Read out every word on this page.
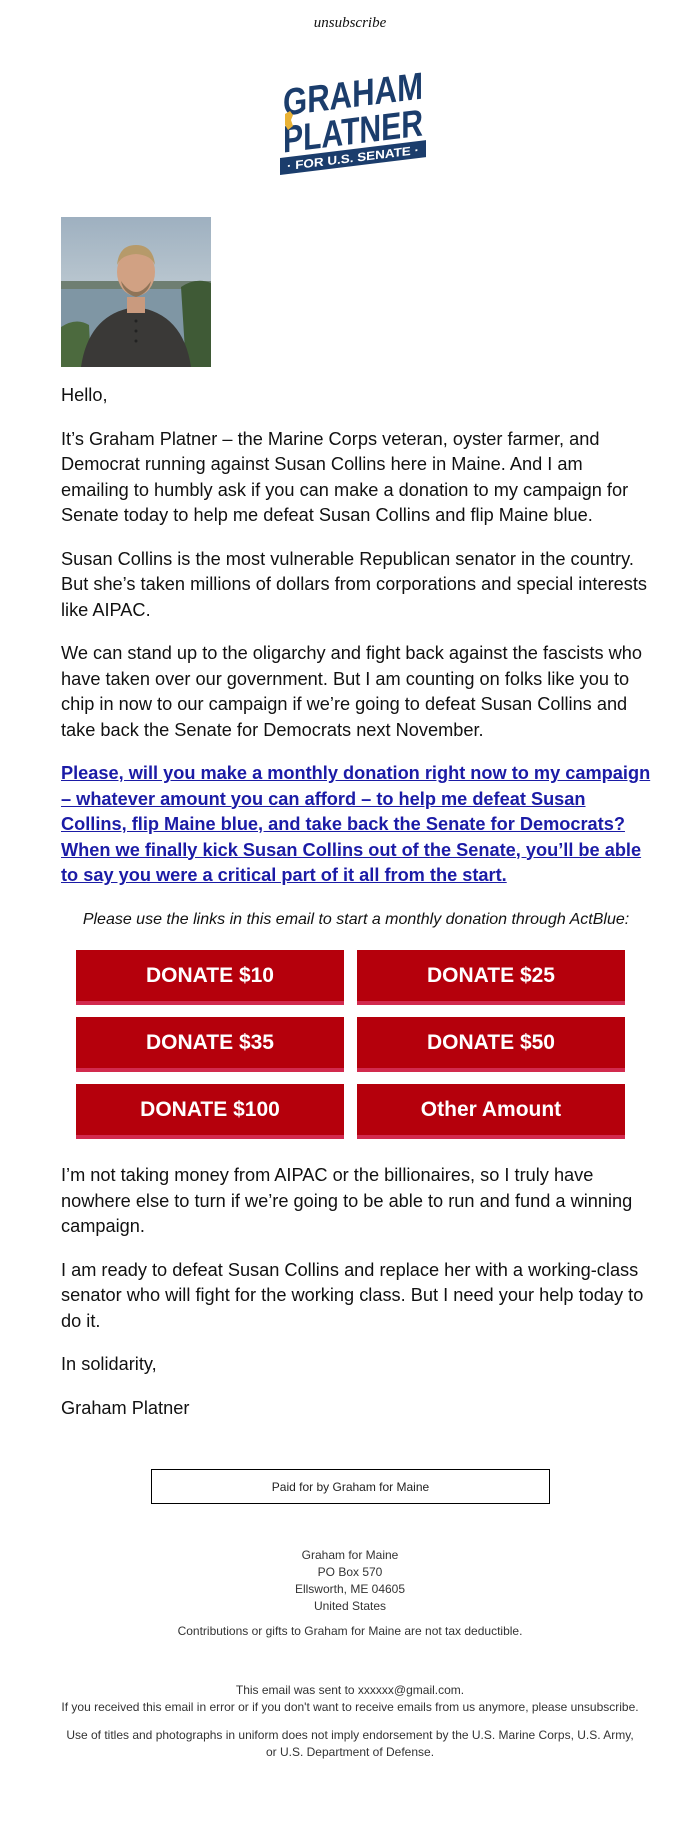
unsubscribe
GRAHAM
PLATNER
· FOR U.S. SENATE ·

Hello,

It’s Graham Platner – the Marine Corps veteran, oyster farmer, and Democrat running against Susan Collins here in Maine. And I am emailing to humbly ask if you can make a donation to my campaign for Senate today to help me defeat Susan Collins and flip Maine blue.

Susan Collins is the most vulnerable Republican senator in the country. But she’s taken millions of dollars from corporations and special interests like AIPAC.

We can stand up to the oligarchy and fight back against the fascists who have taken over our government. But I am counting on folks like you to chip in now to our campaign if we’re going to defeat Susan Collins and take back the Senate for Democrats next November.

Please, will you make a monthly donation right now to my campaign – whatever amount you can afford – to help me defeat Susan Collins, flip Maine blue, and take back the Senate for Democrats? When we finally kick Susan Collins out of the Senate, you’ll be able to say you were a critical part of it all from the start.

Please use the links in this email to start a monthly donation through ActBlue:

DONATE $10	DONATE $25
DONATE $35	DONATE $50
DONATE $100	Other Amount

I’m not taking money from AIPAC or the billionaires, so I truly have nowhere else to turn if we’re going to be able to run and fund a winning campaign.

I am ready to defeat Susan Collins and replace her with a working-class senator who will fight for the working class. But I need your help today to do it.

In solidarity,

Graham Platner

Paid for by Graham for Maine
Graham for Maine
PO Box 570
Ellsworth, ME 04605
United States
Contributions or gifts to Graham for Maine are not tax deductible.
This email was sent to xxxxxx@gmail.com.
If you received this email in error or if you don't want to receive emails from us anymore, please unsubscribe.
Use of titles and photographs in uniform does not imply endorsement by the U.S. Marine Corps, U.S. Army, or U.S. Department of Defense.
